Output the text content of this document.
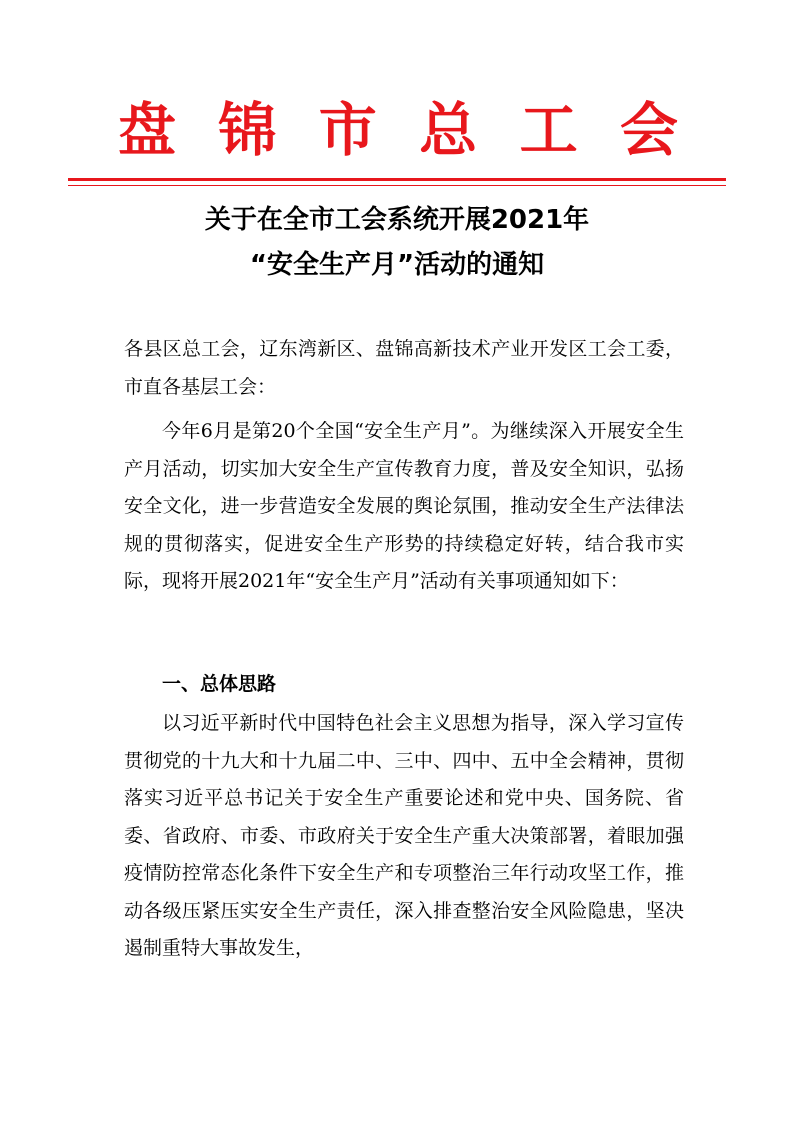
盘 锦 市 总 工 会
关于在全市工会系统开展2021年
“安全生产月”活动的通知
各县区总工会，辽东湾新区、盘锦高新技术产业开发区工会工委，市直各基层工会：
今年6月是第20个全国“安全生产月”。为继续深入开展安全生产月活动，切实加大安全生产宣传教育力度，普及安全知识，弘扬安全文化，进一步营造安全发展的舆论氛围，推动安全生产法律法规的贯彻落实，促进安全生产形势的持续稳定好转，结合我市实际，现将开展2021年“安全生产月”活动有关事项通知如下：
一、总体思路
以习近平新时代中国特色社会主义思想为指导，深入学习宣传贯彻党的十九大和十九届二中、三中、四中、五中全会精神，贯彻落实习近平总书记关于安全生产重要论述和党中央、国务院、省委、省政府、市委、市政府关于安全生产重大决策部署，着眼加强疫情防控常态化条件下安全生产和专项整治三年行动攻坚工作，推动各级压紧压实安全生产责任，深入排查整治安全风险隐患，坚决遏制重特大事故发生，
